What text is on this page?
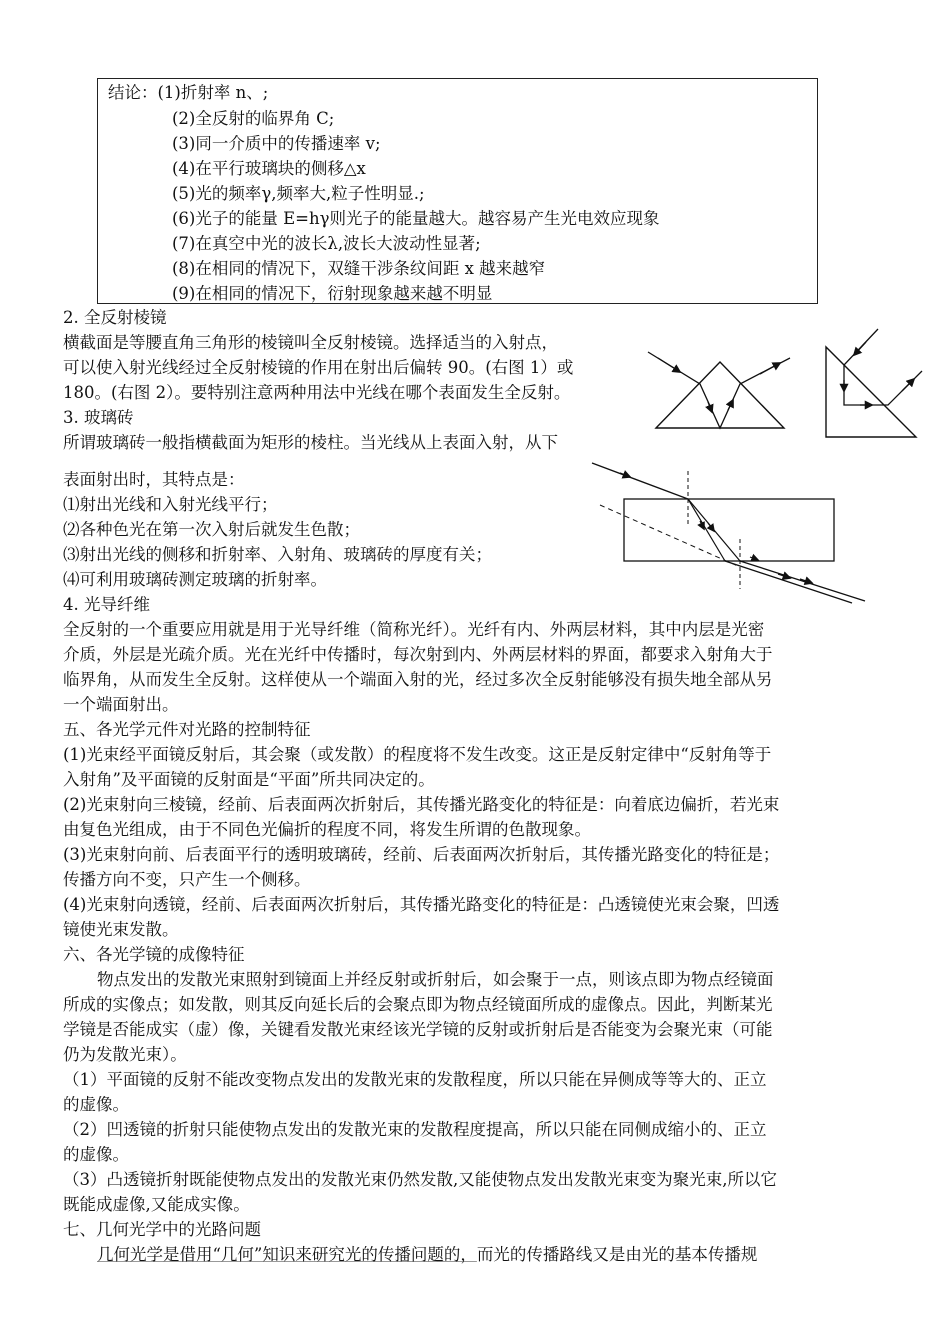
结论：(1)折射率 n、;
(2)全反射的临界角 C;
(3)同一介质中的传播速率 v;
(4)在平行玻璃块的侧移△x
(5)光的频率γ,频率大,粒子性明显.;
(6)光子的能量 E=hγ则光子的能量越大。越容易产生光电效应现象
(7)在真空中光的波长λ,波长大波动性显著;
(8)在相同的情况下，双缝干涉条纹间距 x 越来越窄
(9)在相同的情况下，衍射现象越来越不明显
2. 全反射棱镜
横截面是等腰直角三角形的棱镜叫全反射棱镜。选择适当的入射点，
可以使入射光线经过全反射棱镜的作用在射出后偏转 90。(右图 1）或
180。(右图 2）。要特别注意两种用法中光线在哪个表面发生全反射。
3. 玻璃砖
所谓玻璃砖一般指横截面为矩形的棱柱。当光线从上表面入射，从下
表面射出时，其特点是：
⑴射出光线和入射光线平行；
⑵各种色光在第一次入射后就发生色散；
⑶射出光线的侧移和折射率、入射角、玻璃砖的厚度有关；
⑷可利用玻璃砖测定玻璃的折射率。
4. 光导纤维
全反射的一个重要应用就是用于光导纤维（简称光纤）。光纤有内、外两层材料，其中内层是光密
介质，外层是光疏介质。光在光纤中传播时，每次射到内、外两层材料的界面，都要求入射角大于
临界角，从而发生全反射。这样使从一个端面入射的光，经过多次全反射能够没有损失地全部从另
一个端面射出。
五、各光学元件对光路的控制特征
(1)光束经平面镜反射后，其会聚（或发散）的程度将不发生改变。这正是反射定律中“反射角等于
入射角”及平面镜的反射面是“平面”所共同决定的。
(2)光束射向三棱镜，经前、后表面两次折射后，其传播光路变化的特征是：向着底边偏折，若光束
由复色光组成，由于不同色光偏折的程度不同，将发生所谓的色散现象。
(3)光束射向前、后表面平行的透明玻璃砖，经前、后表面两次折射后，其传播光路变化的特征是；
传播方向不变，只产生一个侧移。
(4)光束射向透镜，经前、后表面两次折射后，其传播光路变化的特征是：凸透镜使光束会聚，凹透
镜使光束发散。
六、各光学镜的成像特征
物点发出的发散光束照射到镜面上并经反射或折射后，如会聚于一点，则该点即为物点经镜面
所成的实像点；如发散，则其反向延长后的会聚点即为物点经镜面所成的虚像点。因此，判断某光
学镜是否能成实（虚）像，关键看发散光束经该光学镜的反射或折射后是否能变为会聚光束（可能
仍为发散光束）。
（1）平面镜的反射不能改变物点发出的发散光束的发散程度，所以只能在异侧成等等大的、正立
的虚像。
（2）凹透镜的折射只能使物点发出的发散光束的发散程度提高，所以只能在同侧成缩小的、正立
的虚像。
（3）凸透镜折射既能使物点发出的发散光束仍然发散,又能使物点发出发散光束变为聚光束,所以它
既能成虚像,又能成实像。
七、几何光学中的光路问题
几何光学是借用“几何”知识来研究光的传播问题的，而光的传播路线又是由光的基本传播规
